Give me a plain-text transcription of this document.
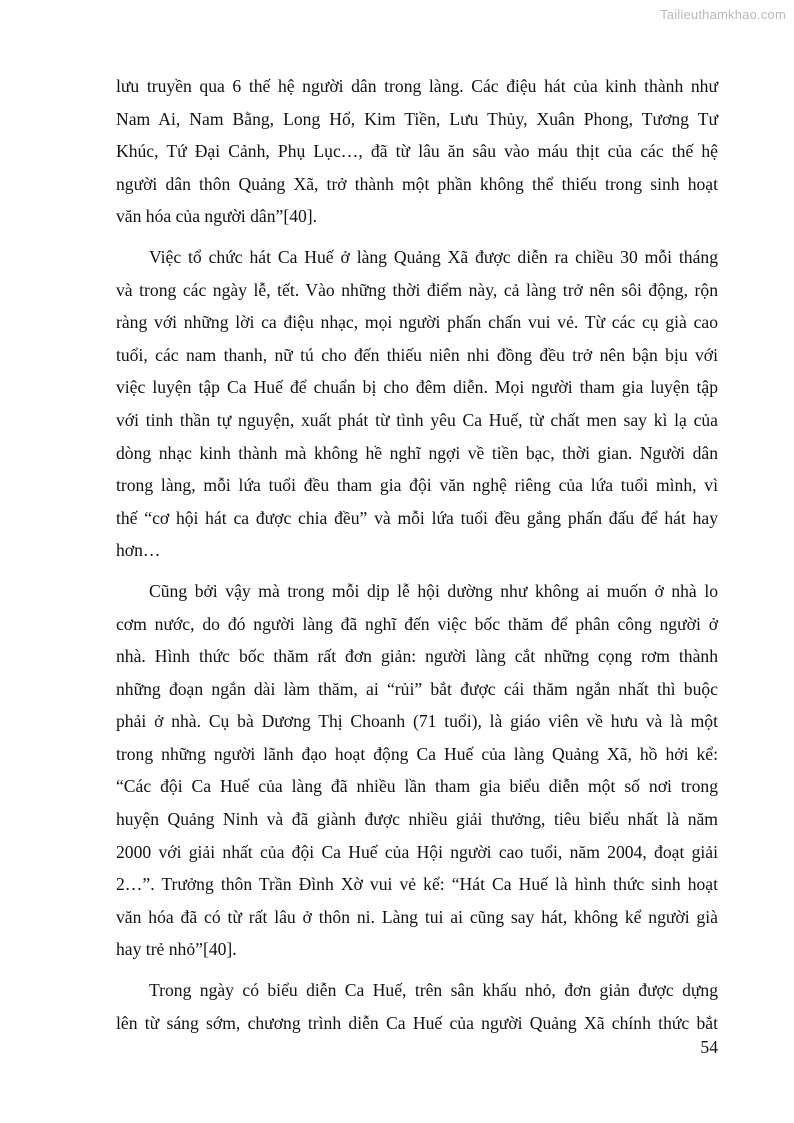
Tailieuthamkhao.com

lưu truyền qua 6 thế hệ người dân trong làng. Các điệu hát của kinh thành như
Nam Ai, Nam Bằng, Long Hổ, Kim Tiền, Lưu Thủy, Xuân Phong, Tương Tư
Khúc, Tứ Đại Cảnh, Phụ Lục…, đã từ lâu ăn sâu vào máu thịt của các thế hệ
người dân thôn Quảng Xã, trở thành một phần không thể thiếu trong sinh hoạt
văn hóa của người dân”[40].

Việc tổ chức hát Ca Huế ở làng Quảng Xã được diễn ra chiều 30 mỗi tháng
và trong các ngày lễ, tết. Vào những thời điểm này, cả làng trở nên sôi động, rộn
ràng với những lời ca điệu nhạc, mọi người phấn chấn vui vẻ. Từ các cụ già cao
tuổi, các nam thanh, nữ tú cho đến thiếu niên nhi đồng đều trở nên bận bịu với
việc luyện tập Ca Huế để chuẩn bị cho đêm diễn. Mọi người tham gia luyện tập
với tinh thần tự nguyện, xuất phát từ tình yêu Ca Huế, từ chất men say kì lạ của
dòng nhạc kinh thành mà không hề nghĩ ngợi về tiền bạc, thời gian. Người dân
trong làng, mỗi lứa tuổi đều tham gia đội văn nghệ riêng của lứa tuổi mình, vì
thế “cơ hội hát ca được chia đều” và mỗi lứa tuổi đều gắng phấn đấu để hát hay
hơn…

Cũng bởi vậy mà trong mỗi dịp lễ hội dường như không ai muốn ở nhà lo
cơm nước, do đó người làng đã nghĩ đến việc bốc thăm để phân công người ở
nhà. Hình thức bốc thăm rất đơn giản: người làng cắt những cọng rơm thành
những đoạn ngắn dài làm thăm, ai “rủi” bắt được cái thăm ngắn nhất thì buộc
phải ở nhà. Cụ bà Dương Thị Choanh (71 tuổi), là giáo viên về hưu và là một
trong những người lãnh đạo hoạt động Ca Huế của làng Quảng Xã, hồ hởi kể:
“Các đội Ca Huế của làng đã nhiều lần tham gia biểu diễn một số nơi trong
huyện Quảng Ninh và đã giành được nhiều giải thưởng, tiêu biểu nhất là năm
2000 với giải nhất của đội Ca Huế của Hội người cao tuổi, năm 2004, đoạt giải
2…”. Trưởng thôn Trần Đình Xờ vui vẻ kể: “Hát Ca Huế là hình thức sinh hoạt
văn hóa đã có từ rất lâu ở thôn ni. Làng tui ai cũng say hát, không kể người già
hay trẻ nhỏ”[40].

Trong ngày có biểu diễn Ca Huế, trên sân khấu nhỏ, đơn giản được dựng
lên từ sáng sớm, chương trình diễn Ca Huế của người Quảng Xã chính thức bắt

54
